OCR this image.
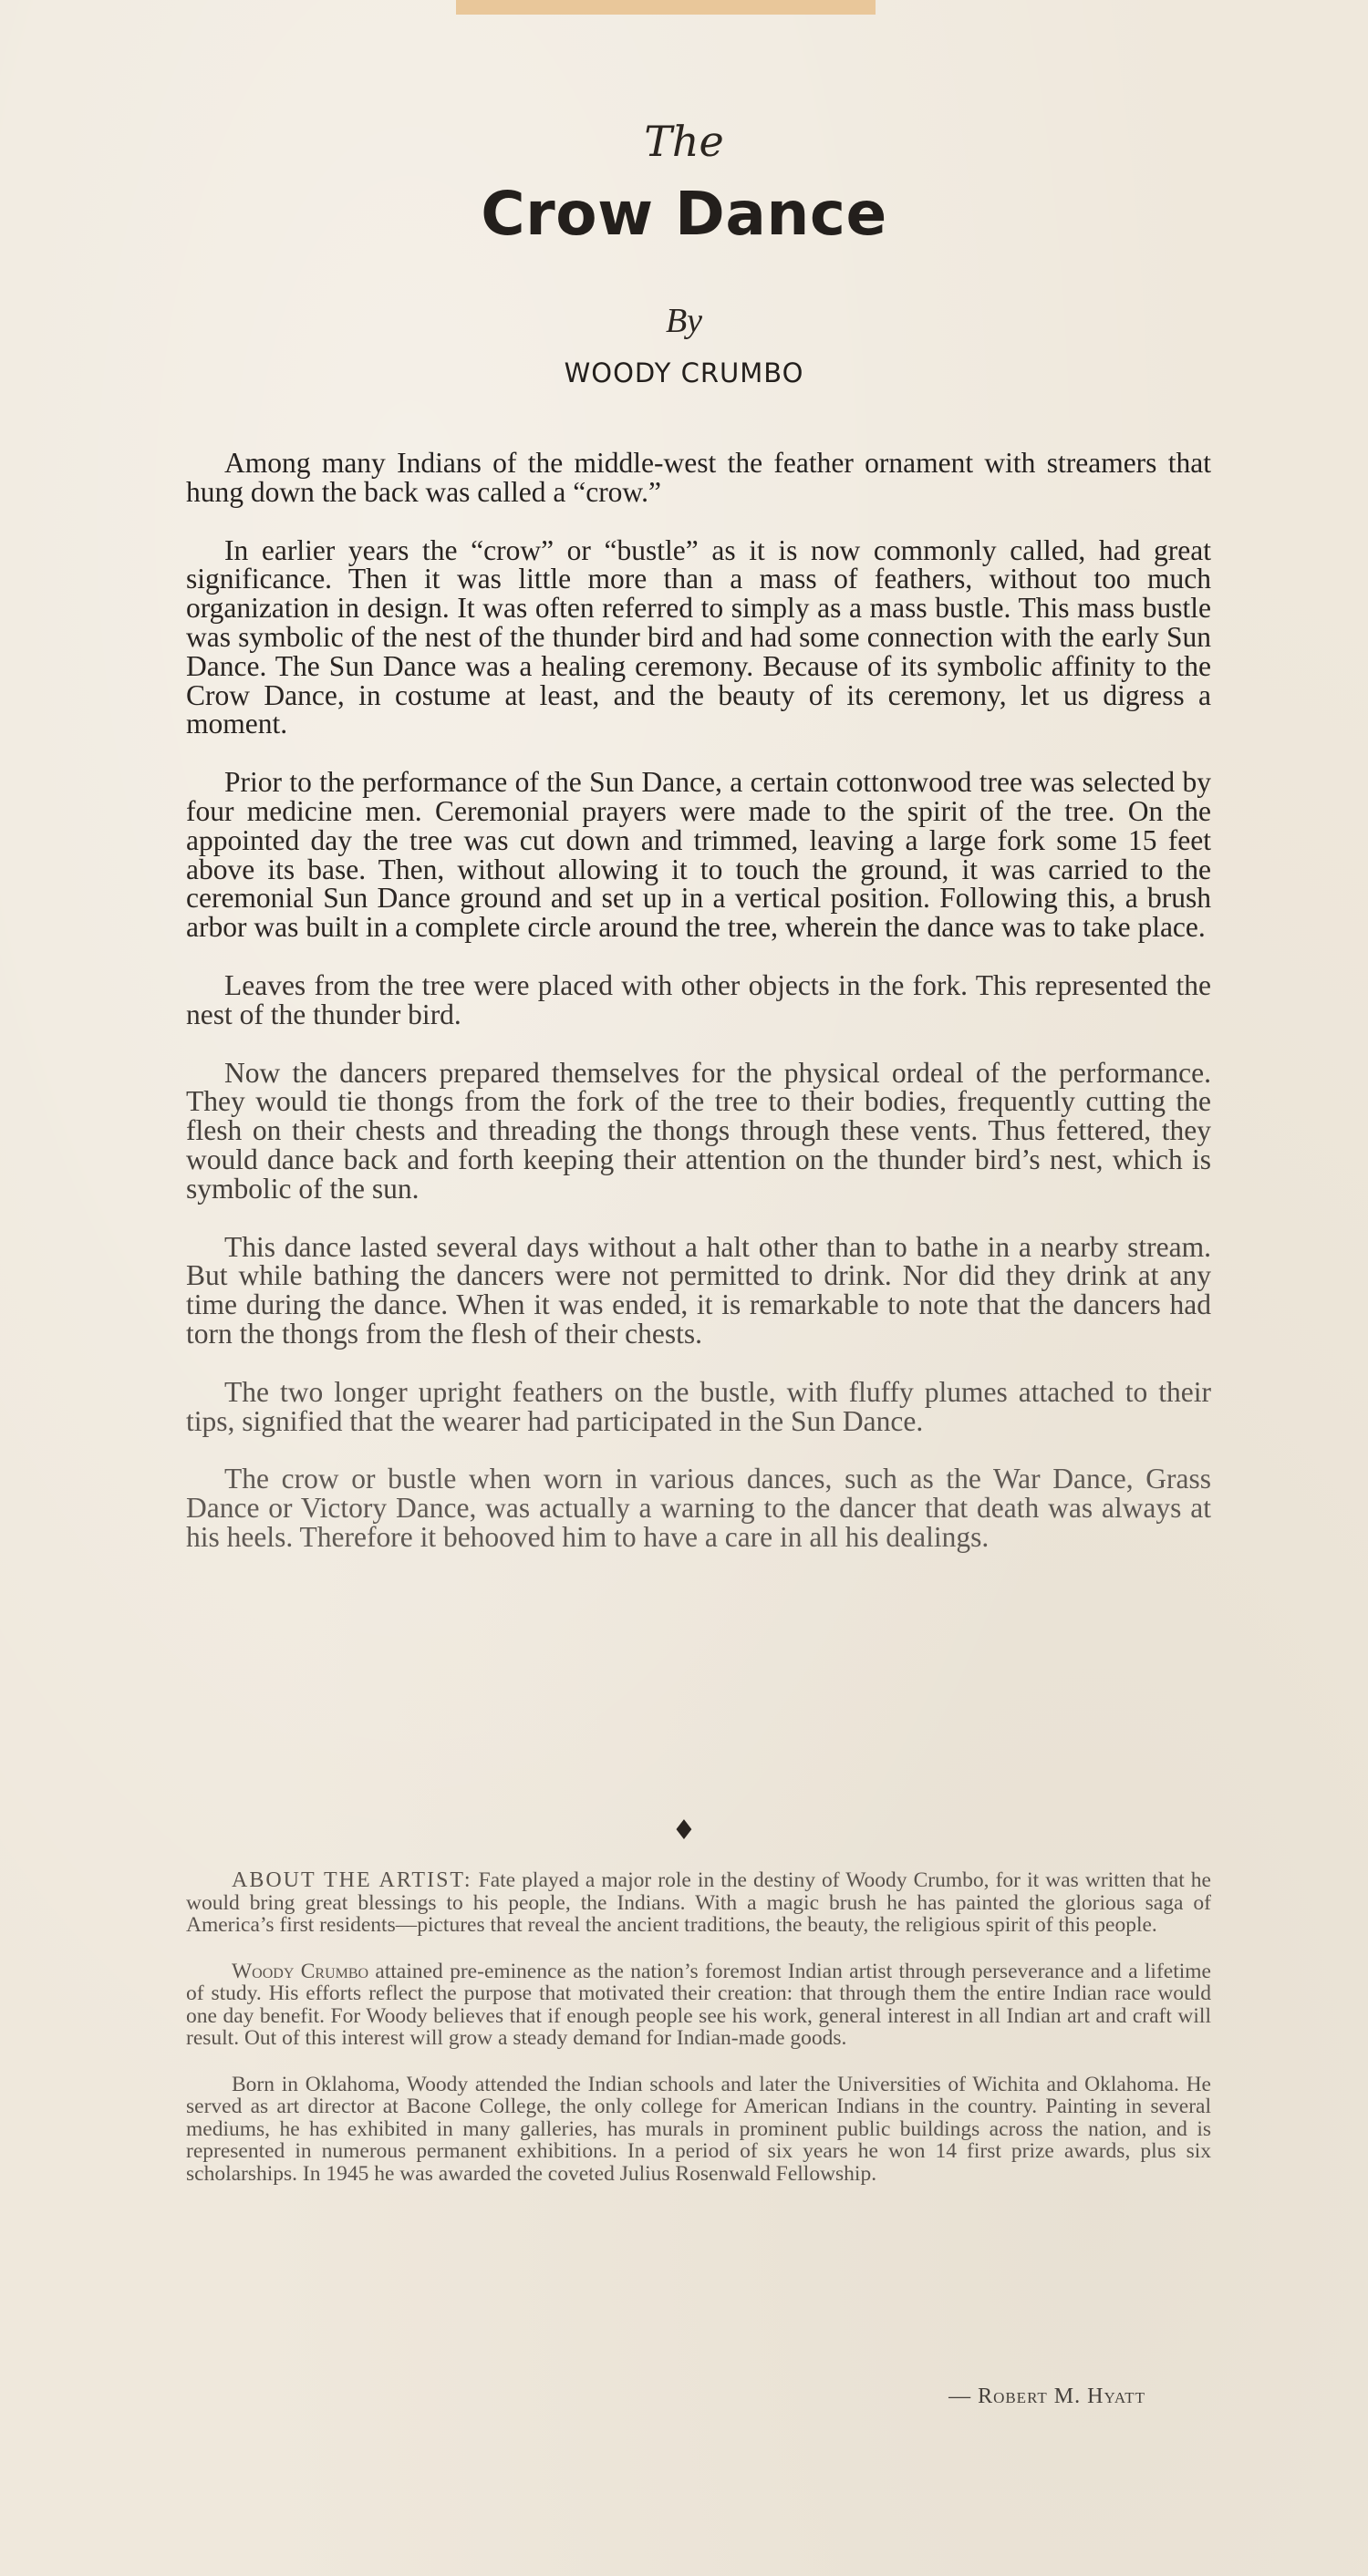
The
Crow Dance
By
WOODY CRUMBO

Among many Indians of the middle-west the feather ornament with streamers that hung down the back was called a “crow.”

In earlier years the “crow” or “bustle” as it is now commonly called, had great significance. Then it was little more than a mass of feathers, without too much organization in design. It was often referred to simply as a mass bustle. This mass bustle was symbolic of the nest of the thunder bird and had some connection with the early Sun Dance. The Sun Dance was a healing ceremony. Because of its symbolic affinity to the Crow Dance, in costume at least, and the beauty of its ceremony, let us digress a moment.

Prior to the performance of the Sun Dance, a certain cottonwood tree was selected by four medicine men. Ceremonial prayers were made to the spirit of the tree. On the appointed day the tree was cut down and trimmed, leaving a large fork some 15 feet above its base. Then, without allowing it to touch the ground, it was carried to the ceremonial Sun Dance ground and set up in a vertical position. Following this, a brush arbor was built in a complete circle around the tree, wherein the dance was to take place.

Leaves from the tree were placed with other objects in the fork. This represented the nest of the thunder bird.

Now the dancers prepared themselves for the physical ordeal of the performance. They would tie thongs from the fork of the tree to their bodies, frequently cutting the flesh on their chests and threading the thongs through these vents. Thus fettered, they would dance back and forth keeping their attention on the thunder bird’s nest, which is symbolic of the sun.

This dance lasted several days without a halt other than to bathe in a nearby stream. But while bathing the dancers were not permitted to drink. Nor did they drink at any time during the dance. When it was ended, it is remarkable to note that the dancers had torn the thongs from the flesh of their chests.

The two longer upright feathers on the bustle, with fluffy plumes attached to their tips, signified that the wearer had participated in the Sun Dance.

The crow or bustle when worn in various dances, such as the War Dance, Grass Dance or Victory Dance, was actually a warning to the dancer that death was always at his heels. Therefore it behooved him to have a care in all his dealings.

♦

ABOUT THE ARTIST: Fate played a major role in the destiny of Woody Crumbo, for it was written that he would bring great blessings to his people, the Indians. With a magic brush he has painted the glorious saga of America’s first residents—pictures that reveal the ancient traditions, the beauty, the religious spirit of this people.

Woody Crumbo attained pre-eminence as the nation’s foremost Indian artist through perseverance and a lifetime of study. His efforts reflect the purpose that motivated their creation: that through them the entire Indian race would one day benefit. For Woody believes that if enough people see his work, general interest in all Indian art and craft will result. Out of this interest will grow a steady demand for Indian-made goods.

Born in Oklahoma, Woody attended the Indian schools and later the Universities of Wichita and Oklahoma. He served as art director at Bacone College, the only college for American Indians in the country. Painting in several mediums, he has exhibited in many galleries, has murals in prominent public buildings across the nation, and is represented in numerous permanent exhibitions. In a period of six years he won 14 first prize awards, plus six scholarships. In 1945 he was awarded the coveted Julius Rosenwald Fellowship.

— Robert M. Hyatt
